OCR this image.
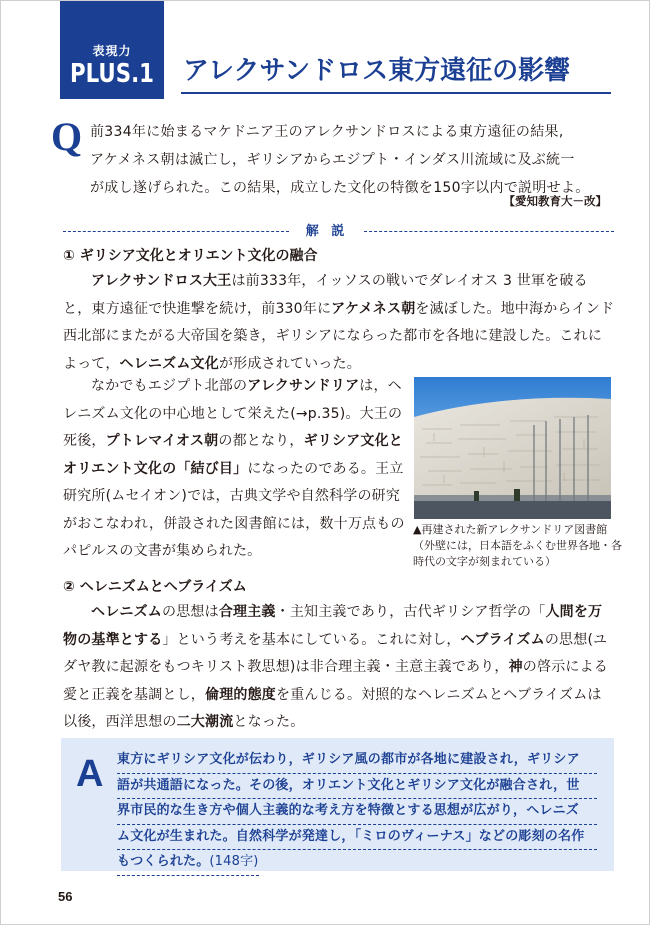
表現力
PLUS.1 アレクサンドロス東方遠征の影響
Q 前334年に始まるマケドニア王のアレクサンドロスによる東方遠征の結果,
アケメネス朝は滅亡し，ギリシアからエジプト・インダス川流域に及ぶ統一
が成し遂げられた。この結果，成立した文化の特徴を150字以内で説明せよ。
【愛知教育大－改】
解 説
① ギリシア文化とオリエント文化の融合

アレクサンドロス大王は前333年，イッソスの戦いでダレイオス 3 世軍を破ると，東方遠征で快進撃を続け，前330年にアケメネス朝を滅ぼした。地中海からインド西北部にまたがる大帝国を築き，ギリシアにならった都市を各地に建設した。これによって，ヘレニズム文化が形成されていった。

なかでもエジプト北部のアレクサンドリアは，ヘレニズム文化の中心地として栄えた(→p.35)。大王の死後，プトレマイオス朝の都となり，ギリシア文化とオリエント文化の「結び目」になったのである。王立研究所(ムセイオン)では，古典文学や自然科学の研究がおこなわれ，併設された図書館には，数十万点ものパピルスの文書が集められた。

▲再建された新アレクサンドリア図書館（外壁には，日本語をふくむ世界各地・各時代の文字が刻まれている）
② ヘレニズムとヘブライズム

ヘレニズムの思想は合理主義・主知主義であり，古代ギリシア哲学の「人間を万物の基準とする」という考えを基本にしている。これに対し，ヘブライズムの思想(ユダヤ教に起源をもつキリスト教思想)は非合理主義・主意主義であり，神の啓示による愛と正義を基調とし，倫理的態度を重んじる。対照的なヘレニズムとヘブライズムは以後，西洋思想の二大潮流となった。

A 東方にギリシア文化が伝わり，ギリシア風の都市が各地に建設され，ギリシア
語が共通語になった。その後，オリエント文化とギリシア文化が融合され，世
界市民的な生き方や個人主義的な考え方を特徴とする思想が広がり，ヘレニズ
ム文化が生まれた。自然科学が発達し，「ミロのヴィーナス」などの彫刻の名作
もつくられた。(148字)
56
